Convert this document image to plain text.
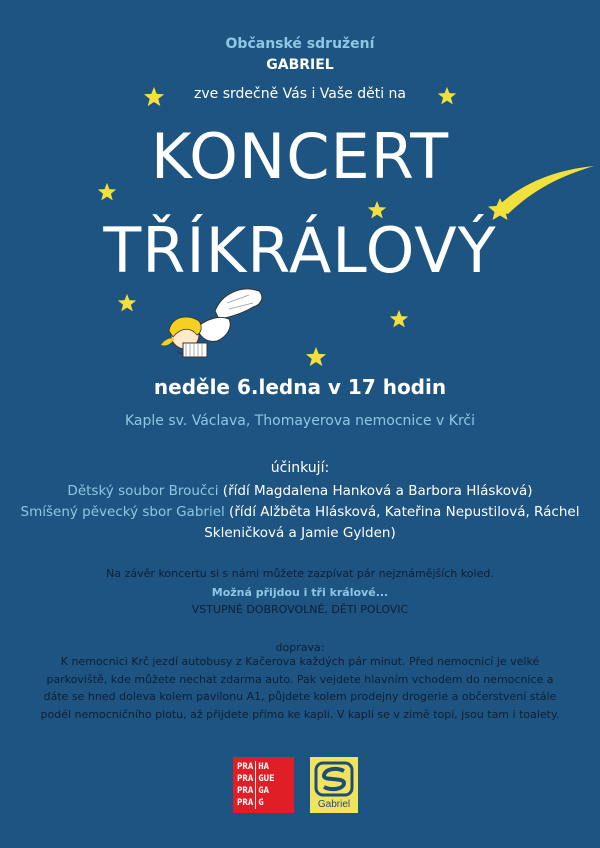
Občanské sdružení
GABRIEL
zve srdečně Vás i Vaše děti na
KONCERT
TŘÍKRÁLOVÝ
neděle 6.ledna v 17 hodin
Kaple sv. Václava, Thomayerova nemocnice v Krči
účinkují:
Dětský soubor Broučci (řídí Magdalena Hanková a Barbora Hlásková)
Smíšený pěvecký sbor Gabriel (řídí Alžběta Hlásková, Kateřina Nepustilová, Ráchel Skleničková a Jamie Gylden)
Na závěr koncertu si s námi můžete zazpívat pár nejznámějších koled.
Možná přijdou i tři králové...
VSTUPNÉ DOBROVOLNÉ, DĚTI POLOVIC
doprava:
K nemocnici Krč jezdí autobusy z Kačerova každých pár minut. Před nemocnicí je velké parkoviště, kde můžete nechat zdarma auto. Pak vejdete hlavním vchodem do nemocnice a dáte se hned doleva kolem pavilonu A1, půjdete kolem prodejny drogerie a občerstvení stále podél nemocničního plotu, až přijdete přímo ke kapli. V kapli se v zimě topí, jsou tam i toalety.
PRA
PRA
PRA
PRA
HA
GUE
GA
G	Gabriel
